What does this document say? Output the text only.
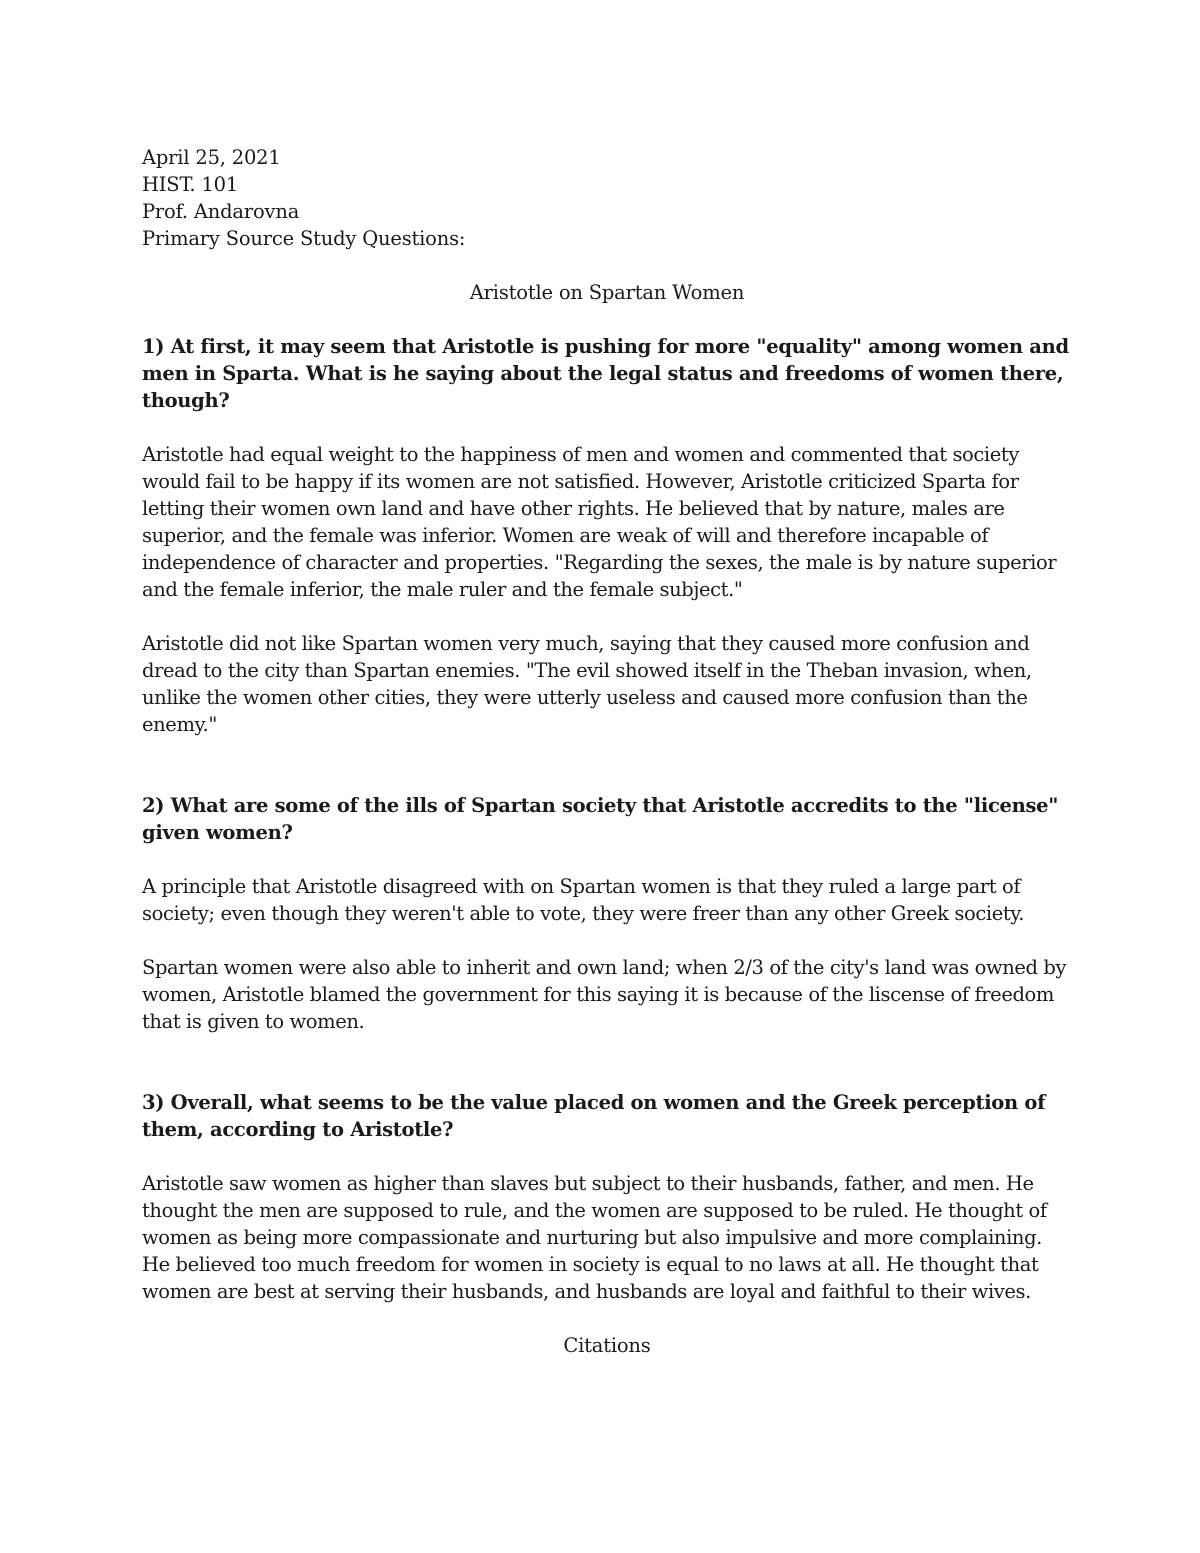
April 25, 2021
HIST. 101
Prof. Andarovna
Primary Source Study Questions:
Aristotle on Spartan Women

1) At first, it may seem that Aristotle is pushing for more "equality" among women and men in Sparta. What is he saying about the legal status and freedoms of women there, though?

Aristotle had equal weight to the happiness of men and women and commented that society would fail to be happy if its women are not satisfied. However, Aristotle criticized Sparta for letting their women own land and have other rights. He believed that by nature, males are superior, and the female was inferior. Women are weak of will and therefore incapable of independence of character and properties. "Regarding the sexes, the male is by nature superior and the female inferior, the male ruler and the female subject."

Aristotle did not like Spartan women very much, saying that they caused more confusion and dread to the city than Spartan enemies. "The evil showed itself in the Theban invasion, when, unlike the women other cities, they were utterly useless and caused more confusion than the enemy."

2) What are some of the ills of Spartan society that Aristotle accredits to the "license" given women?

A principle that Aristotle disagreed with on Spartan women is that they ruled a large part of society; even though they weren't able to vote, they were freer than any other Greek society.

Spartan women were also able to inherit and own land; when 2/3 of the city's land was owned by women, Aristotle blamed the government for this saying it is because of the liscense of freedom that is given to women.

3) Overall, what seems to be the value placed on women and the Greek perception of them, according to Aristotle?

Aristotle saw women as higher than slaves but subject to their husbands, father, and men. He thought the men are supposed to rule, and the women are supposed to be ruled. He thought of women as being more compassionate and nurturing but also impulsive and more complaining. He believed too much freedom for women in society is equal to no laws at all. He thought that women are best at serving their husbands, and husbands are loyal and faithful to their wives.

Citations
